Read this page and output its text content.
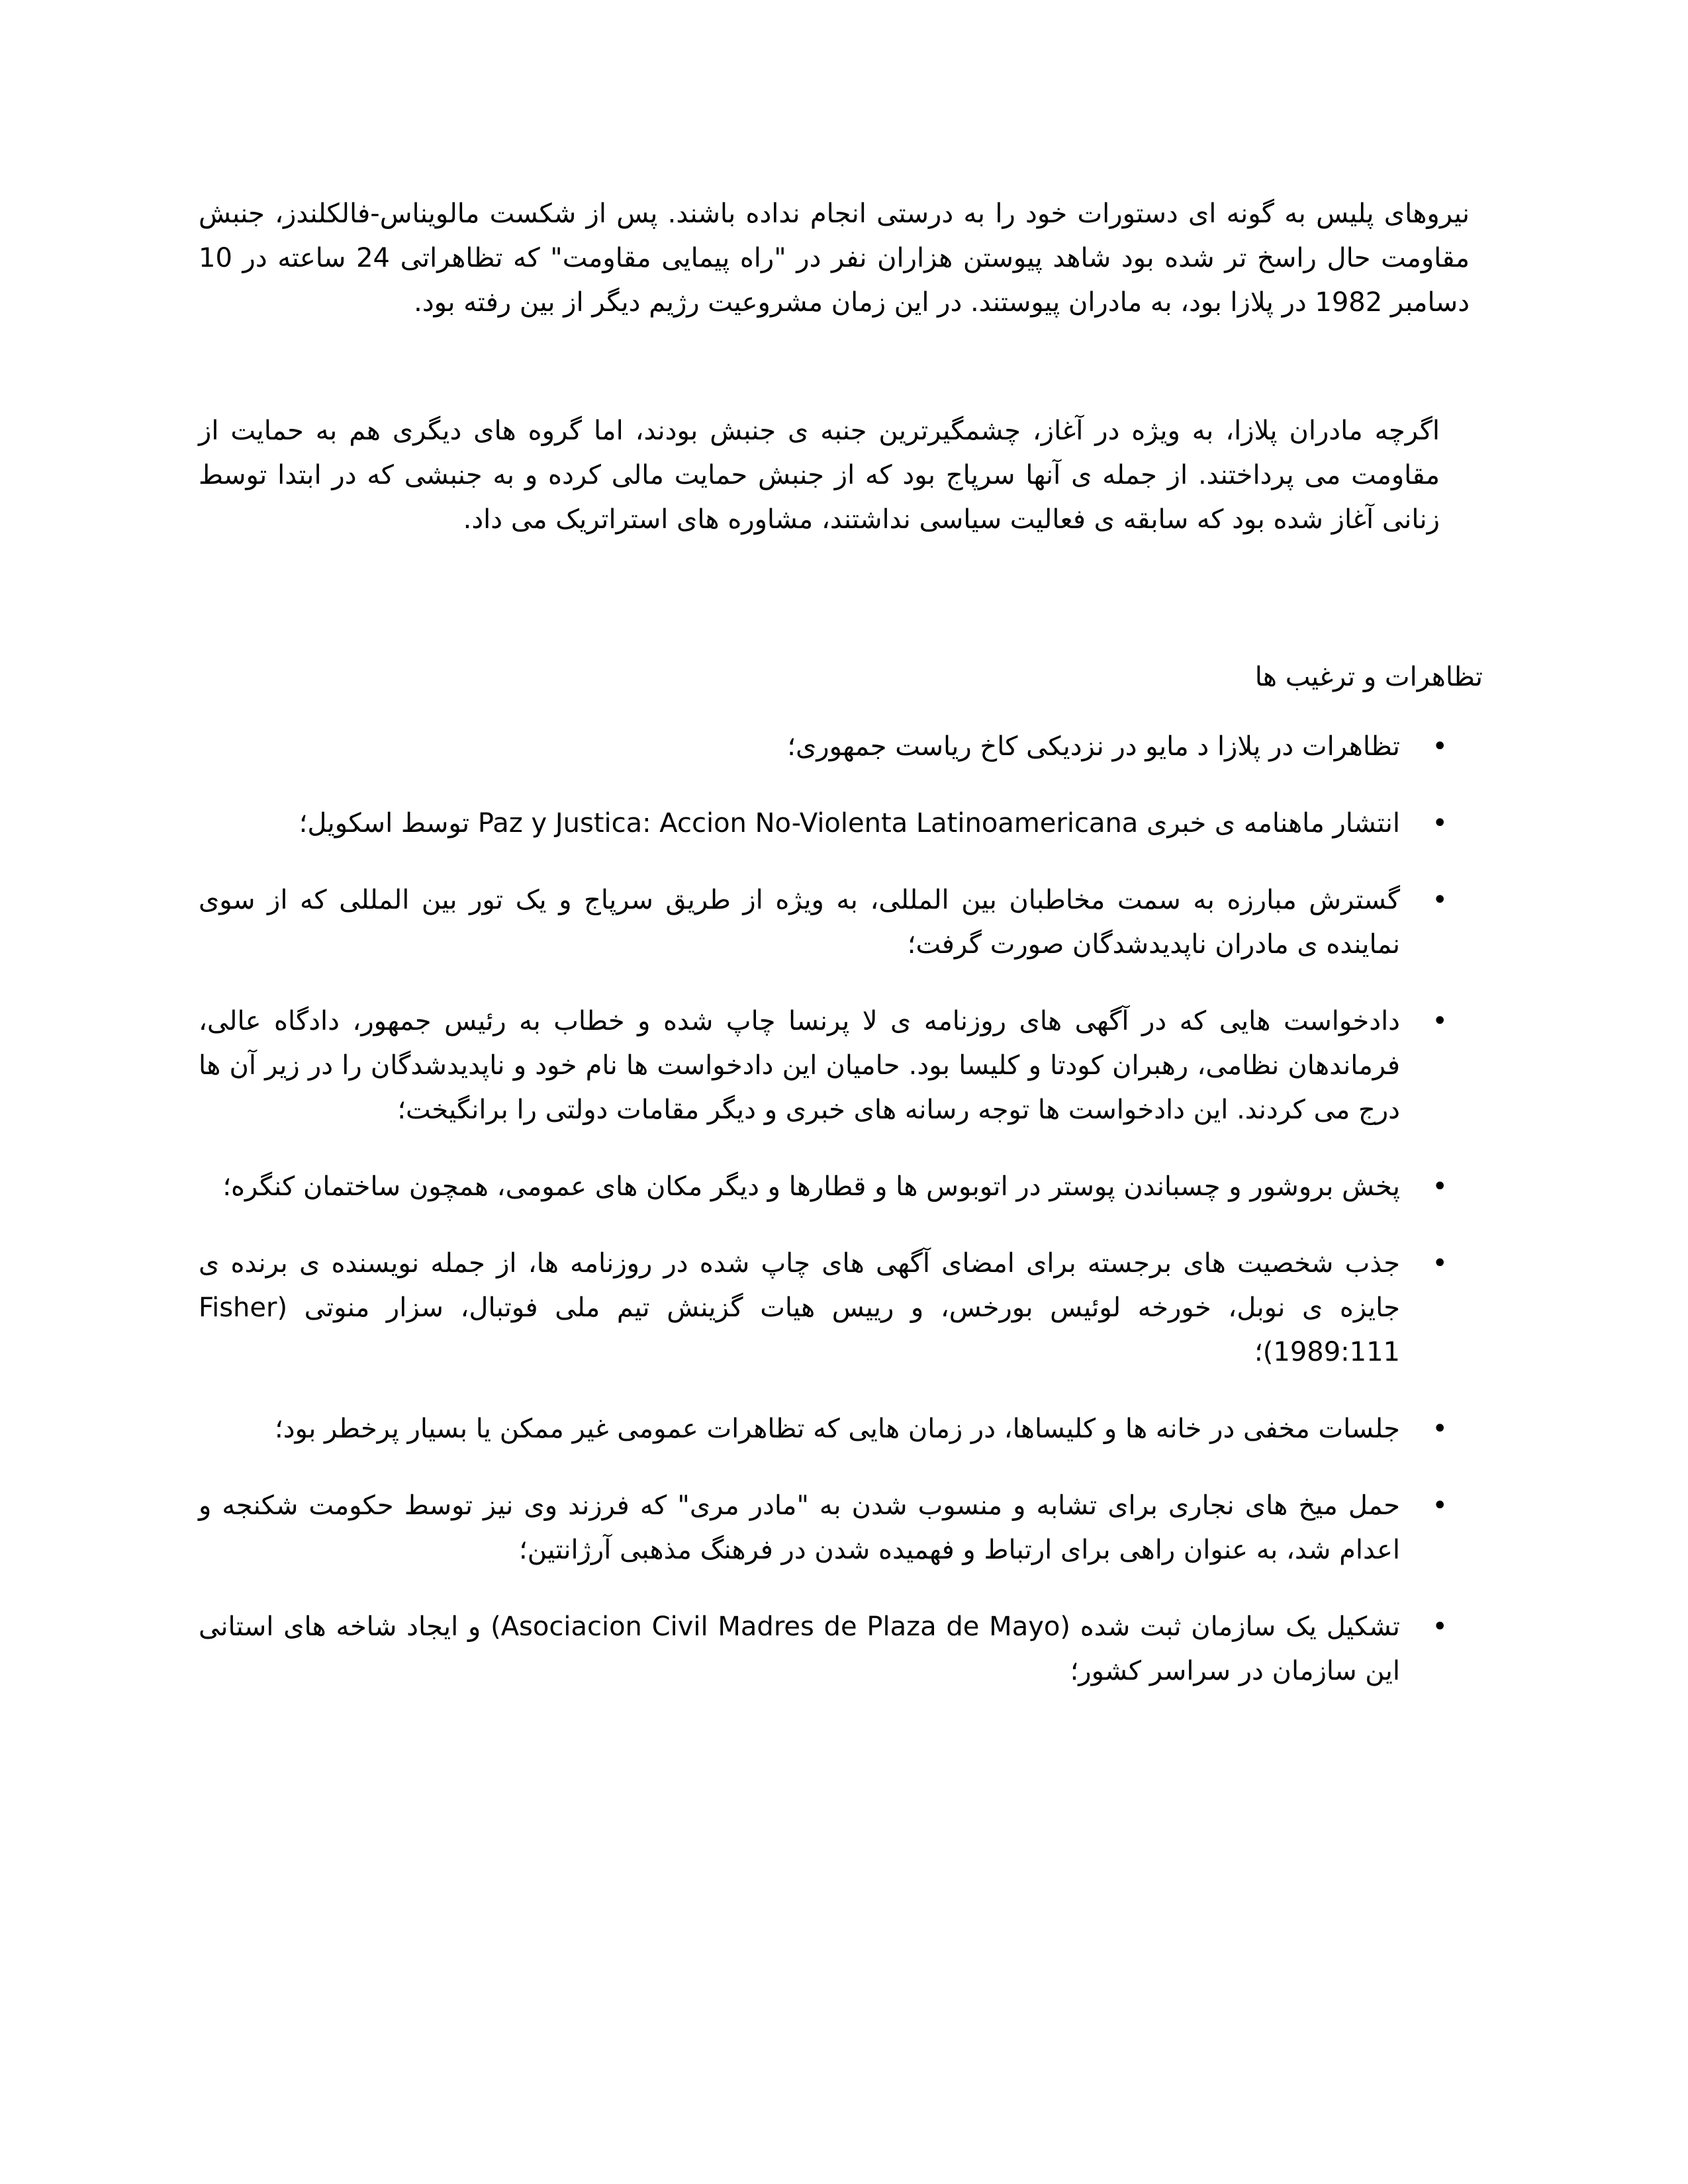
نیروهای پلیس به گونه ای دستورات خود را به درستی انجام نداده باشند. پس از شکست مالویناس-فالکلندز، جنبش مقاومت حال راسخ تر شده بود شاهد پیوستن هزاران نفر در "راه پیمایی مقاومت" که تظاهراتی 24 ساعته در 10 دسامبر 1982 در پلازا بود، به مادران پیوستند. در این زمان مشروعیت رژیم دیگر از بین رفته بود.

اگرچه مادران پلازا، به ویژه در آغاز، چشمگیرترین جنبه ی جنبش بودند، اما گروه های دیگری هم به حمایت از مقاومت می پرداختند. از جمله ی آنها سرپاج بود که از جنبش حمایت مالی کرده و به جنبشی که در ابتدا توسط زنانی آغاز شده بود که سابقه ی فعالیت سیاسی نداشتند، مشاوره های استراتریک می داد.

تظاهرات و ترغیب ها

•
تظاهرات در پلازا د مایو در نزدیکی کاخ ریاست جمهوری؛
•
انتشار ماهنامه ی خبری Paz y Justica: Accion No-Violenta Latinoamericana توسط اسکویل؛
•
گسترش مبارزه به سمت مخاطبان بین المللی، به ویژه از طریق سرپاج و یک تور بین المللی که از سوی نماینده ی مادران ناپدیدشدگان صورت گرفت؛
•
دادخواست هایی که در آگهی های روزنامه ی لا پرنسا چاپ شده و خطاب به رئیس جمهور، دادگاه عالی، فرماندهان نظامی، رهبران کودتا و کلیسا بود. حامیان این دادخواست ها نام خود و ناپدیدشدگان را در زیر آن ها درج می کردند. این دادخواست ها توجه رسانه های خبری و دیگر مقامات دولتی را برانگیخت؛
•
پخش بروشور و چسباندن پوستر در اتوبوس ها و قطارها و دیگر مکان های عمومی، همچون ساختمان کنگره؛
•
جذب شخصیت های برجسته برای امضای آگهی های چاپ شده در روزنامه ها، از جمله نویسنده ی برنده ی جایزه ی نوبل، خورخه لوئیس بورخس، و رییس هیات گزینش تیم ملی فوتبال، سزار منوتی (Fisher 1989:111)؛
•
جلسات مخفی در خانه ها و کلیساها، در زمان هایی که تظاهرات عمومی غیر ممکن یا بسیار پرخطر بود؛
•
حمل میخ های نجاری برای تشابه و منسوب شدن به "مادر مری" که فرزند وی نیز توسط حکومت شکنجه و اعدام شد، به عنوان راهی برای ارتباط و فهمیده شدن در فرهنگ مذهبی آرژانتین؛
•
تشکیل یک سازمان ثبت شده (Asociacion Civil Madres de Plaza de Mayo) و ایجاد شاخه های استانی این سازمان در سراسر کشور؛
